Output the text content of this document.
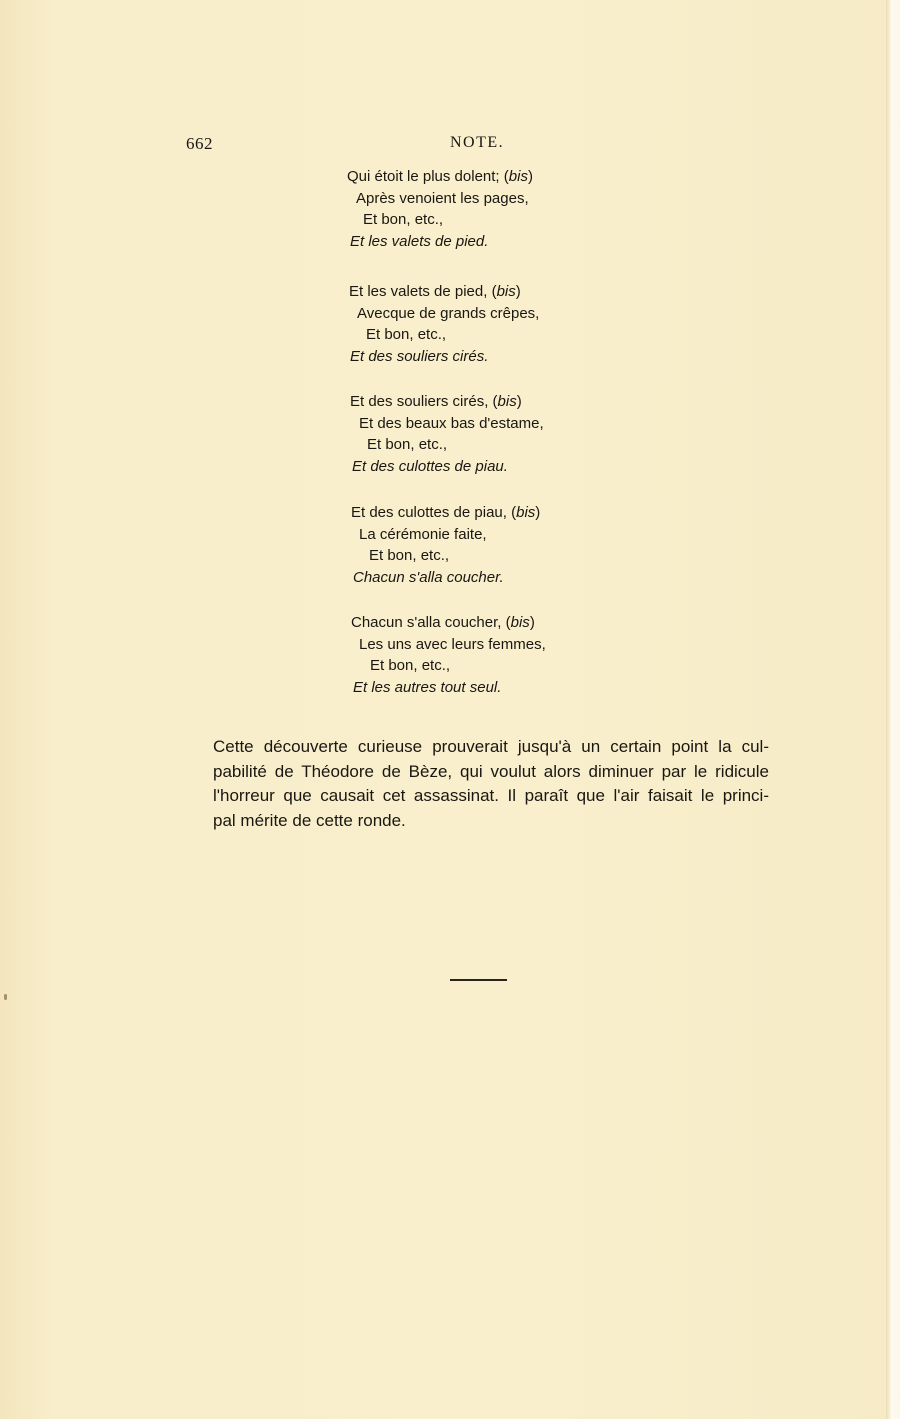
662	NOTE.
Qui étoit le plus dolent; (bis)
Après venoient les pages,
Et bon, etc.,
Et les valets de pied.
Et les valets de pied, (bis)
Avecque de grands crêpes,
Et bon, etc.,
Et des souliers cirés.
Et des souliers cirés, (bis)
Et des beaux bas d'estame,
Et bon, etc.,
Et des culottes de piau.
Et des culottes de piau, (bis)
La cérémonie faite,
Et bon, etc.,
Chacun s'alla coucher.
Chacun s'alla coucher, (bis)
Les uns avec leurs femmes,
Et bon, etc.,
Et les autres tout seul.
Cette découverte curieuse prouverait jusqu'à un certain point la cul-
pabilité de Théodore de Bèze, qui voulut alors diminuer par le ridicule
l'horreur que causait cet assassinat. Il paraît que l'air faisait le princi-
pal mérite de cette ronde.
